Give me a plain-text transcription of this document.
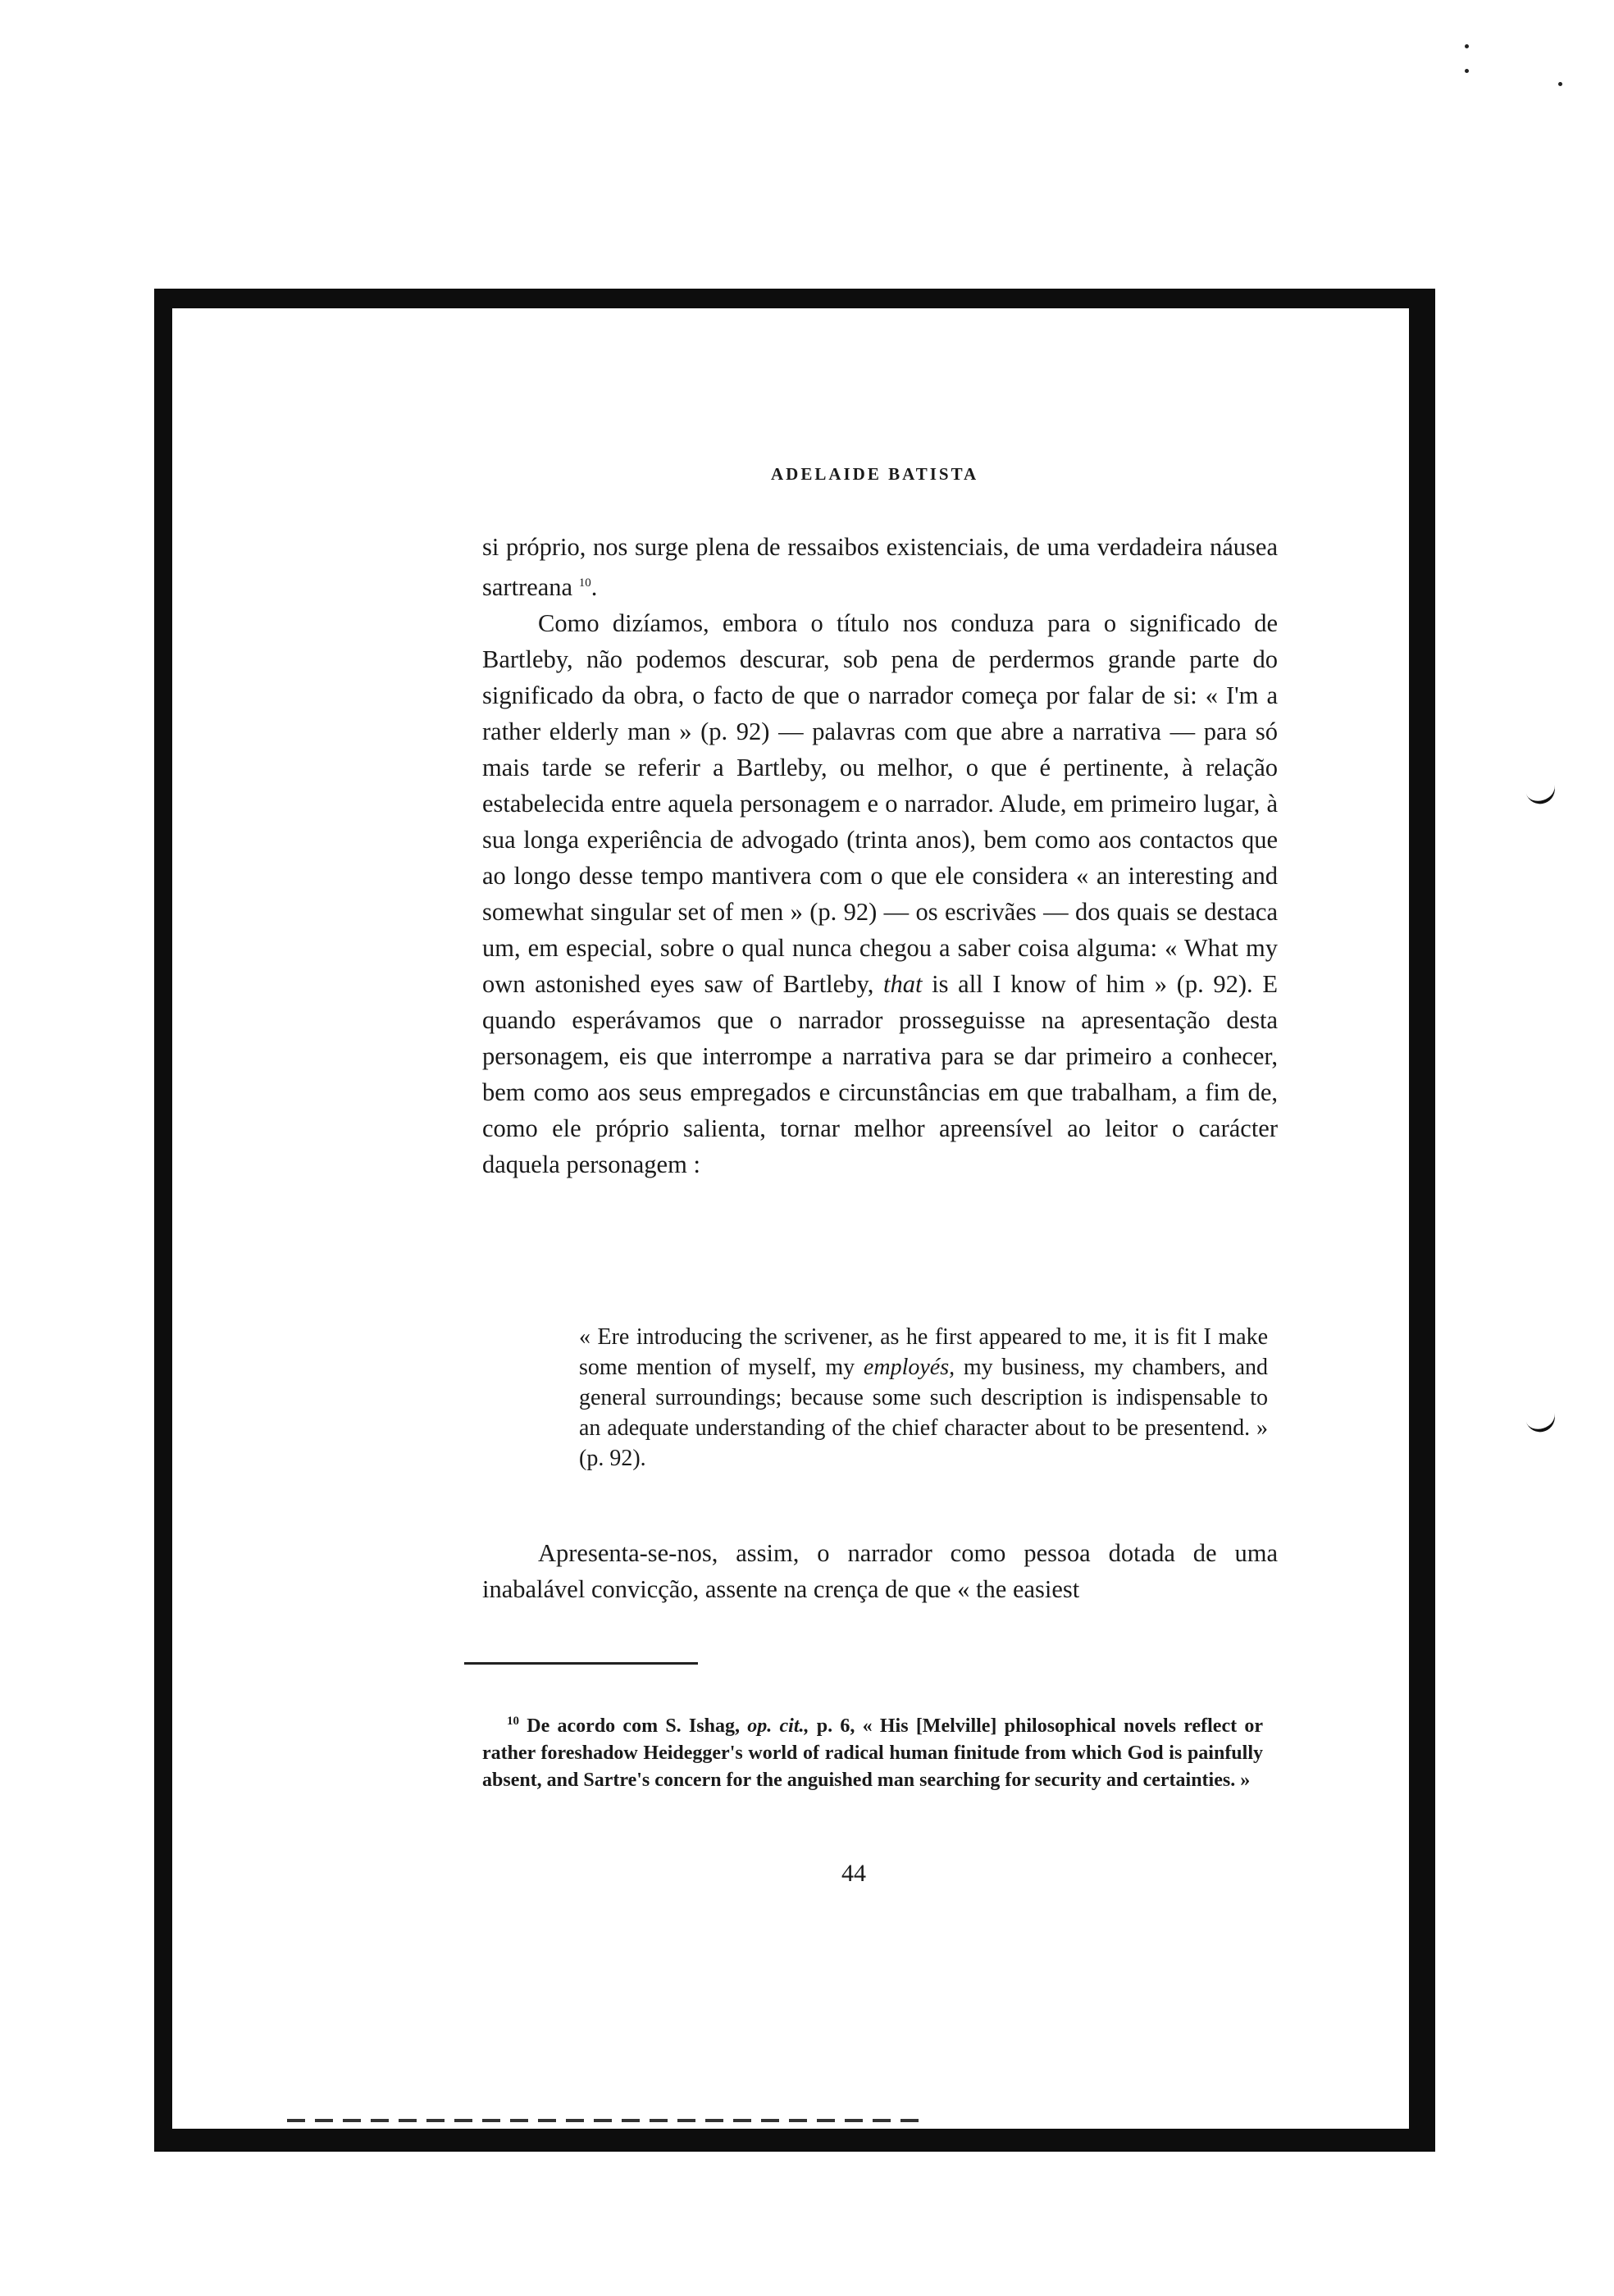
ADELAIDE BATISTA

si próprio, nos surge plena de ressaibos existenciais, de uma verdadeira náusea sartreana $^{10}$.

Como dizíamos, embora o título nos conduza para o significado de Bartleby, não podemos descurar, sob pena de perdermos grande parte do significado da obra, o facto de que o narrador começa por falar de si: « I'm a rather elderly man » (p. 92) — palavras com que abre a narrativa — para só mais tarde se referir a Bartleby, ou melhor, o que é pertinente, à relação estabelecida entre aquela personagem e o narrador. Alude, em primeiro lugar, à sua longa experiência de advogado (trinta anos), bem como aos contactos que ao longo desse tempo mantivera com o que ele considera « an interesting and somewhat singular set of men » (p. 92) — os escrivães — dos quais se destaca um, em especial, sobre o qual nunca chegou a saber coisa alguma: « What my own astonished eyes saw of Bartleby, that is all I know of him » (p. 92). E quando esperávamos que o narrador prosseguisse na apresentação desta personagem, eis que interrompe a narrativa para se dar primeiro a conhecer, bem como aos seus empregados e circunstâncias em que trabalham, a fim de, como ele próprio salienta, tornar melhor apreensível ao leitor o carácter daquela personagem :

« Ere introducing the scrivener, as he first appeared to me, it is fit I make some mention of myself, my employés, my business, my chambers, and general surroundings; because some such description is indispensable to an adequate understanding of the chief character about to be presentend. » (p. 92).
Apresenta-se-nos, assim, o narrador como pessoa dotada de uma inabalável convicção, assente na crença de que « the easiest
$^{10}$ De acordo com S. Ishag, op. cit., p. 6, « His [Melville] philosophical novels reflect or rather foreshadow Heidegger's world of radical human finitude from which God is painfully absent, and Sartre's concern for the anguished man searching for security and certainties. »
44
